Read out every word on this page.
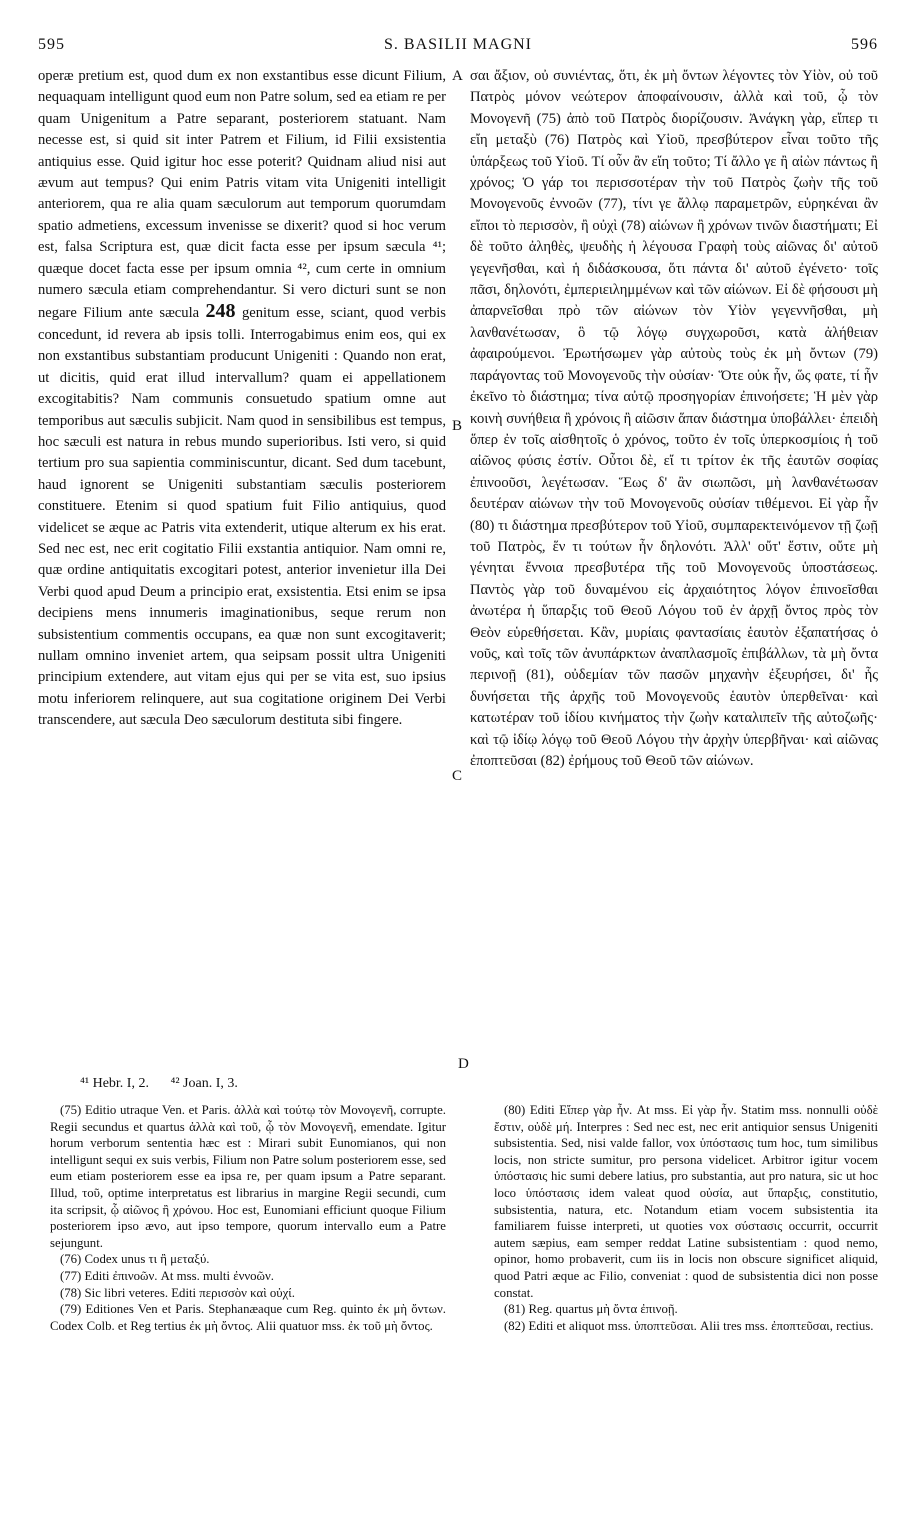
595	S. BASILII MAGNI	596

operæ pretium est, quod dum ex non exstantibus esse dicunt Filium, nequaquam intelligunt quod eum non Patre solum, sed ea etiam re per quam Unigenitum a Patre separant, posteriorem statuant. Nam necesse est, si quid sit inter Patrem et Filium, id Filii exsistentia antiquius esse. Quid igitur hoc esse poterit? Quidnam aliud nisi aut ævum aut tempus? Qui enim Patris vitam vita Unigeniti intelligit anteriorem, qua re alia quam sæculorum aut temporum quorumdam spatio admetiens, excessum invenisse se dixerit? quod si hoc verum est, falsa Scriptura est, quæ dicit facta esse per ipsum sæcula ⁴¹; quæque docet facta esse per ipsum omnia ⁴², cum certe in omnium numero sæcula etiam comprehendantur. Si vero dicturi sunt se non negare Filium ante sæcula 248 genitum esse, sciant, quod verbis concedunt, id revera ab ipsis tolli. Interrogabimus enim eos, qui ex non exstantibus substantiam producunt Unigeniti : Quando non erat, ut dicitis, quid erat illud intervallum? quam ei appellationem excogitabitis? Nam communis consuetudo spatium omne aut temporibus aut sæculis subjicit. Nam quod in sensibilibus est tempus, hoc sæculi est natura in rebus mundo superioribus. Isti vero, si quid tertium pro sua sapientia comminiscuntur, dicant. Sed dum tacebunt, haud ignorent se Unigeniti substantiam sæculis posteriorem constituere. Etenim si quod spatium fuit Filio antiquius, quod videlicet se æque ac Patris vita extenderit, utique alterum ex his erat. Sed nec est, nec erit cogitatio Filii exstantia antiquior. Nam omni re, quæ ordine antiquitatis excogitari potest, anterior invenietur illa Dei Verbi quod apud Deum a principio erat, exsistentia. Etsi enim se ipsa decipiens mens innumeris imaginationibus, seque rerum non subsistentium commentis occupans, ea quæ non sunt excogitaverit; nullam omnino inveniet artem, qua seipsam possit ultra Unigeniti principium extendere, aut vitam ejus qui per se vita est, suo ipsius motu inferiorem relinquere, aut sua cogitatione originem Dei Verbi transcendere, aut sæcula Deo sæculorum destituta sibi fingere.

A
B
C
D

σαι ἄξιον, οὐ συνιέντας, ὅτι, ἐκ μὴ ὄντων λέγοντες τὸν Υἱὸν, οὐ τοῦ Πατρὸς μόνον νεώτερον ἀποφαίνουσιν, ἀλλὰ καὶ τοῦ, ᾧ τὸν Μονογενῆ (75) ἀπὸ τοῦ Πατρὸς διορίζουσιν. Ἀνάγκη γὰρ, εἴπερ τι εἴη μεταξὺ (76) Πατρὸς καὶ Υἱοῦ, πρεσβύτερον εἶναι τοῦτο τῆς ὑπάρξεως τοῦ Υἱοῦ. Τί οὖν ἂν εἴη τοῦτο; Τί ἄλλο γε ἢ αἰὼν πάντως ἢ χρόνος; Ὁ γάρ τοι περισσοτέραν τὴν τοῦ Πατρὸς ζωὴν τῆς τοῦ Μονογενοῦς ἐννοῶν (77), τίνι γε ἄλλῳ παραμετρῶν, εὑρηκέναι ἂν εἴποι τὸ περισσὸν, ἢ οὐχὶ (78) αἰώνων ἢ χρόνων τινῶν διαστήματι; Εἰ δὲ τοῦτο ἀληθὲς, ψευδὴς ἡ λέγουσα Γραφὴ τοὺς αἰῶνας δι' αὐτοῦ γεγενῆσθαι, καὶ ἡ διδάσκουσα, ὅτι πάντα δι' αὐτοῦ ἐγένετο· τοῖς πᾶσι, δηλονότι, ἐμπεριειλημμένων καὶ τῶν αἰώνων. Εἰ δὲ φήσουσι μὴ ἀπαρνεῖσθαι πρὸ τῶν αἰώνων τὸν Υἱὸν γεγεννῆσθαι, μὴ λανθανέτωσαν, ὃ τῷ λόγῳ συγχωροῦσι, κατὰ ἀλήθειαν ἀφαιρούμενοι. Ἐρωτήσωμεν γὰρ αὐτοὺς τοὺς ἐκ μὴ ὄντων (79) παράγοντας τοῦ Μονογενοῦς τὴν οὐσίαν· Ὅτε οὐκ ἦν, ὥς φατε, τί ἦν ἐκεῖνο τὸ διάστημα; τίνα αὐτῷ προσηγορίαν ἐπινοήσετε; Ἡ μὲν γὰρ κοινὴ συνήθεια ἢ χρόνοις ἢ αἰῶσιν ἅπαν διάστημα ὑποβάλλει· ἐπειδὴ ὅπερ ἐν τοῖς αἰσθητοῖς ὁ χρόνος, τοῦτο ἐν τοῖς ὑπερκοσμίοις ἡ τοῦ αἰῶνος φύσις ἐστίν. Οὗτοι δὲ, εἴ τι τρίτον ἐκ τῆς ἑαυτῶν σοφίας ἐπινοοῦσι, λεγέτωσαν. Ἕως δ' ἂν σιωπῶσι, μὴ λανθανέτωσαν δευτέραν αἰώνων τὴν τοῦ Μονογενοῦς οὐσίαν τιθέμενοι. Εἰ γὰρ ἦν (80) τι διάστημα πρεσβύτερον τοῦ Υἱοῦ, συμπαρεκτεινόμενον τῇ ζωῇ τοῦ Πατρὸς, ἕν τι τούτων ἦν δηλονότι. Ἀλλ' οὔτ' ἔστιν, οὔτε μὴ γένηται ἔννοια πρεσβυτέρα τῆς τοῦ Μονογενοῦς ὑποστάσεως. Παντὸς γὰρ τοῦ δυναμένου εἰς ἀρχαιότητος λόγον ἐπινοεῖσθαι ἀνωτέρα ἡ ὕπαρξις τοῦ Θεοῦ Λόγου τοῦ ἐν ἀρχῇ ὄντος πρὸς τὸν Θεὸν εὑρεθήσεται. Κἂν, μυρίαις φαντασίαις ἑαυτὸν ἐξαπατήσας ὁ νοῦς, καὶ τοῖς τῶν ἀνυπάρκτων ἀναπλασμοῖς ἐπιβάλλων, τὰ μὴ ὄντα περινοῇ (81), οὐδεμίαν τῶν πασῶν μηχανὴν ἐξευρήσει, δι' ἧς δυνήσεται τῆς ἀρχῆς τοῦ Μονογενοῦς ἑαυτὸν ὑπερθεῖναι· καὶ κατωτέραν τοῦ ἰδίου κινήματος τὴν ζωὴν καταλιπεῖν τῆς αὐτοζωῆς· καὶ τῷ ἰδίῳ λόγῳ τοῦ Θεοῦ Λόγου τὴν ἀρχὴν ὑπερβῆναι· καὶ αἰῶνας ἐποπτεῦσαι (82) ἐρήμους τοῦ Θεοῦ τῶν αἰώνων.

⁴¹ Hebr. I, 2. ⁴² Joan. I, 3.

(75) Editio utraque Ven. et Paris. ἀλλὰ καὶ τούτῳ τὸν Μονογενῆ, corrupte. Regii secundus et quartus ἀλλὰ καὶ τοῦ, ᾧ τὸν Μονογενῆ, emendate. Igitur horum verborum sententia hæc est : Mirari subit Eunomianos, qui non intelligunt sequi ex suis verbis, Filium non Patre solum posteriorem esse, sed eum etiam posteriorem esse ea ipsa re, per quam ipsum a Patre separant. Illud, τοῦ, optime interpretatus est librarius in margine Regii secundi, cum ita scripsit, ᾧ αἰῶνος ἢ χρόνου. Hoc est, Eunomiani efficiunt quoque Filium posteriorem ipso ævo, aut ipso tempore, quorum intervallo eum a Patre sejungunt.

(76) Codex unus τι ἢ μεταξύ.

(77) Editi ἐπινοῶν. At mss. multi ἐννοῶν.

(78) Sic libri veteres. Editi περισσὸν καὶ οὐχί.

(79) Editiones Ven et Paris. Stephanæaque cum Reg. quinto ἐκ μὴ ὄντων. Codex Colb. et Reg tertius ἐκ μὴ ὄντος. Alii quatuor mss. ἐκ τοῦ μὴ ὄντος.

(80) Editi Εἴπερ γὰρ ἦν. At mss. Εἰ γὰρ ἦν. Statim mss. nonnulli οὐδὲ ἔστιν, οὐδὲ μή. Interpres : Sed nec est, nec erit antiquior sensus Unigeniti subsistentia. Sed, nisi valde fallor, vox ὑπόστασις tum hoc, tum similibus locis, non stricte sumitur, pro persona videlicet. Arbitror igitur vocem ὑπόστασις hic sumi debere latius, pro substantia, aut pro natura, sic ut hoc loco ὑπόστασις idem valeat quod οὐσία, aut ὕπαρξις, constitutio, subsistentia, natura, etc. Notandum etiam vocem subsistentia ita familiarem fuisse interpreti, ut quoties vox σύστασις occurrit, occurrit autem sæpius, eam semper reddat Latine subsistentiam : quod nemo, opinor, homo probaverit, cum iis in locis non obscure significet aliquid, quod Patri æque ac Filio, conveniat : quod de subsistentia dici non posse constat.

(81) Reg. quartus μὴ ὄντα ἐπινοῇ.

(82) Editi et aliquot mss. ὑποπτεῦσαι. Alii tres mss. ἐποπτεῦσαι, rectius.
